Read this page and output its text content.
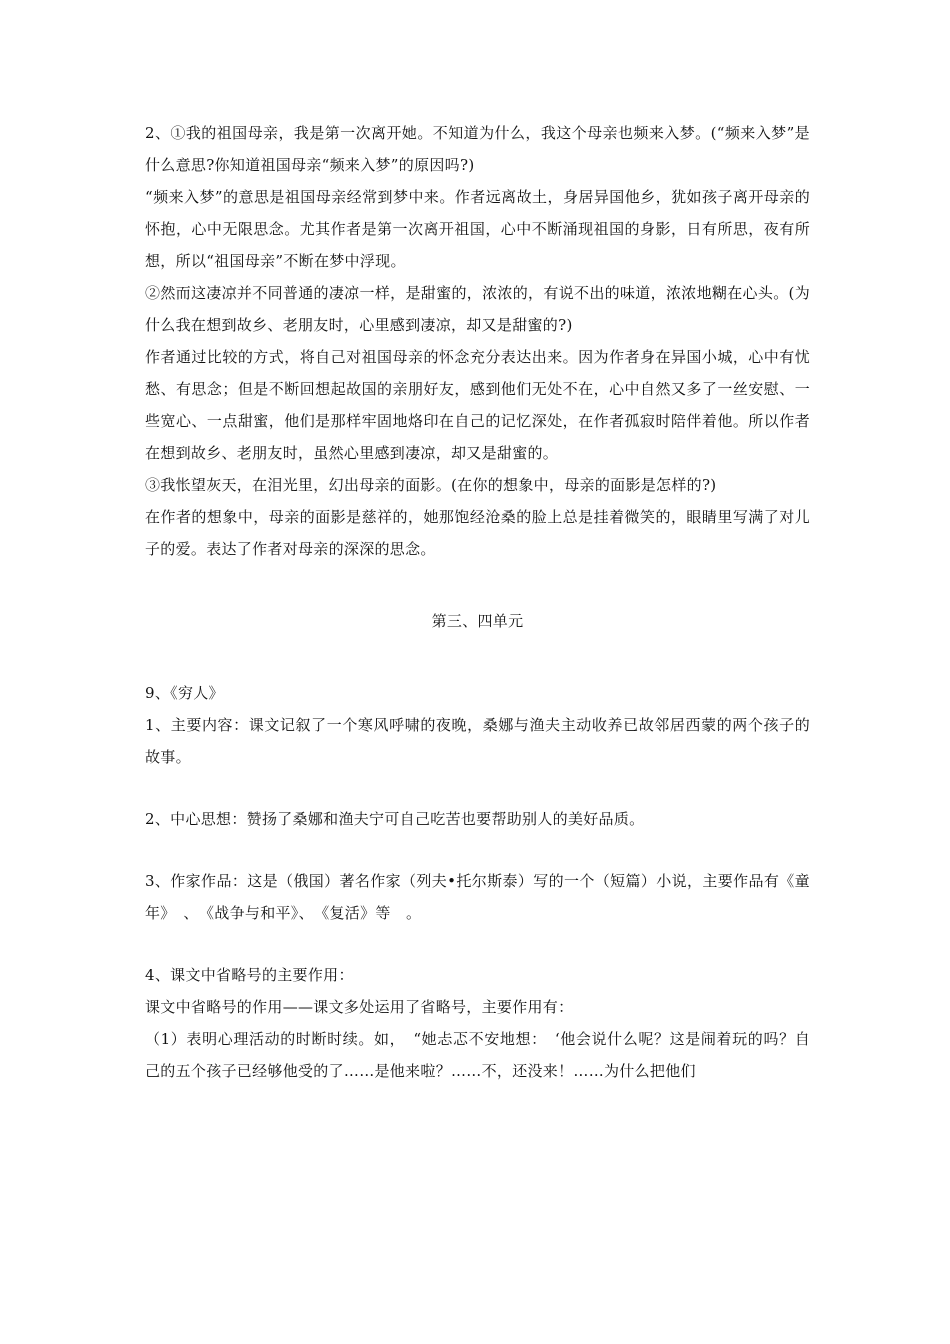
2、①我的祖国母亲，我是第一次离开她。不知道为什么，我这个母亲也频来入梦。(“频来入梦”是什么意思?你知道祖国母亲“频来入梦”的原因吗?)

“频来入梦”的意思是祖国母亲经常到梦中来。作者远离故土，身居异国他乡，犹如孩子离开母亲的怀抱，心中无限思念。尤其作者是第一次离开祖国，心中不断涌现祖国的身影，日有所思，夜有所想，所以“祖国母亲”不断在梦中浮现。

②然而这凄凉并不同普通的凄凉一样，是甜蜜的，浓浓的，有说不出的味道，浓浓地糊在心头。(为什么我在想到故乡、老朋友时，心里感到凄凉，却又是甜蜜的?)

作者通过比较的方式，将自己对祖国母亲的怀念充分表达出来。因为作者身在异国小城，心中有忧愁、有思念；但是不断回想起故国的亲朋好友，感到他们无处不在，心中自然又多了一丝安慰、一些宽心、一点甜蜜，他们是那样牢固地烙印在自己的记忆深处，在作者孤寂时陪伴着他。所以作者在想到故乡、老朋友时，虽然心里感到凄凉，却又是甜蜜的。

③我怅望灰天，在泪光里，幻出母亲的面影。(在你的想象中，母亲的面影是怎样的?)

在作者的想象中，母亲的面影是慈祥的，她那饱经沧桑的脸上总是挂着微笑的，眼睛里写满了对儿子的爱。表达了作者对母亲的深深的思念。

第三、四单元

9、《穷人》

1、主要内容：课文记叙了一个寒风呼啸的夜晚，桑娜与渔夫主动收养已故邻居西蒙的两个孩子的故事。

2、中心思想：赞扬了桑娜和渔夫宁可自己吃苦也要帮助别人的美好品质。

3、作家作品：这是（俄国）著名作家（列夫•托尔斯泰）写的一个（短篇）小说，主要作品有《童年》　、　《战争与和平》、　《复活》等　。

4、课文中省略号的主要作用：

课文中省略号的作用——课文多处运用了省略号，主要作用有：

（1）表明心理活动的时断时续。如，　“她忐忑不安地想：　‘他会说什么呢？这是闹着玩的吗？自己的五个孩子已经够他受的了……是他来啦？……不，还没来！……为什么把他们
